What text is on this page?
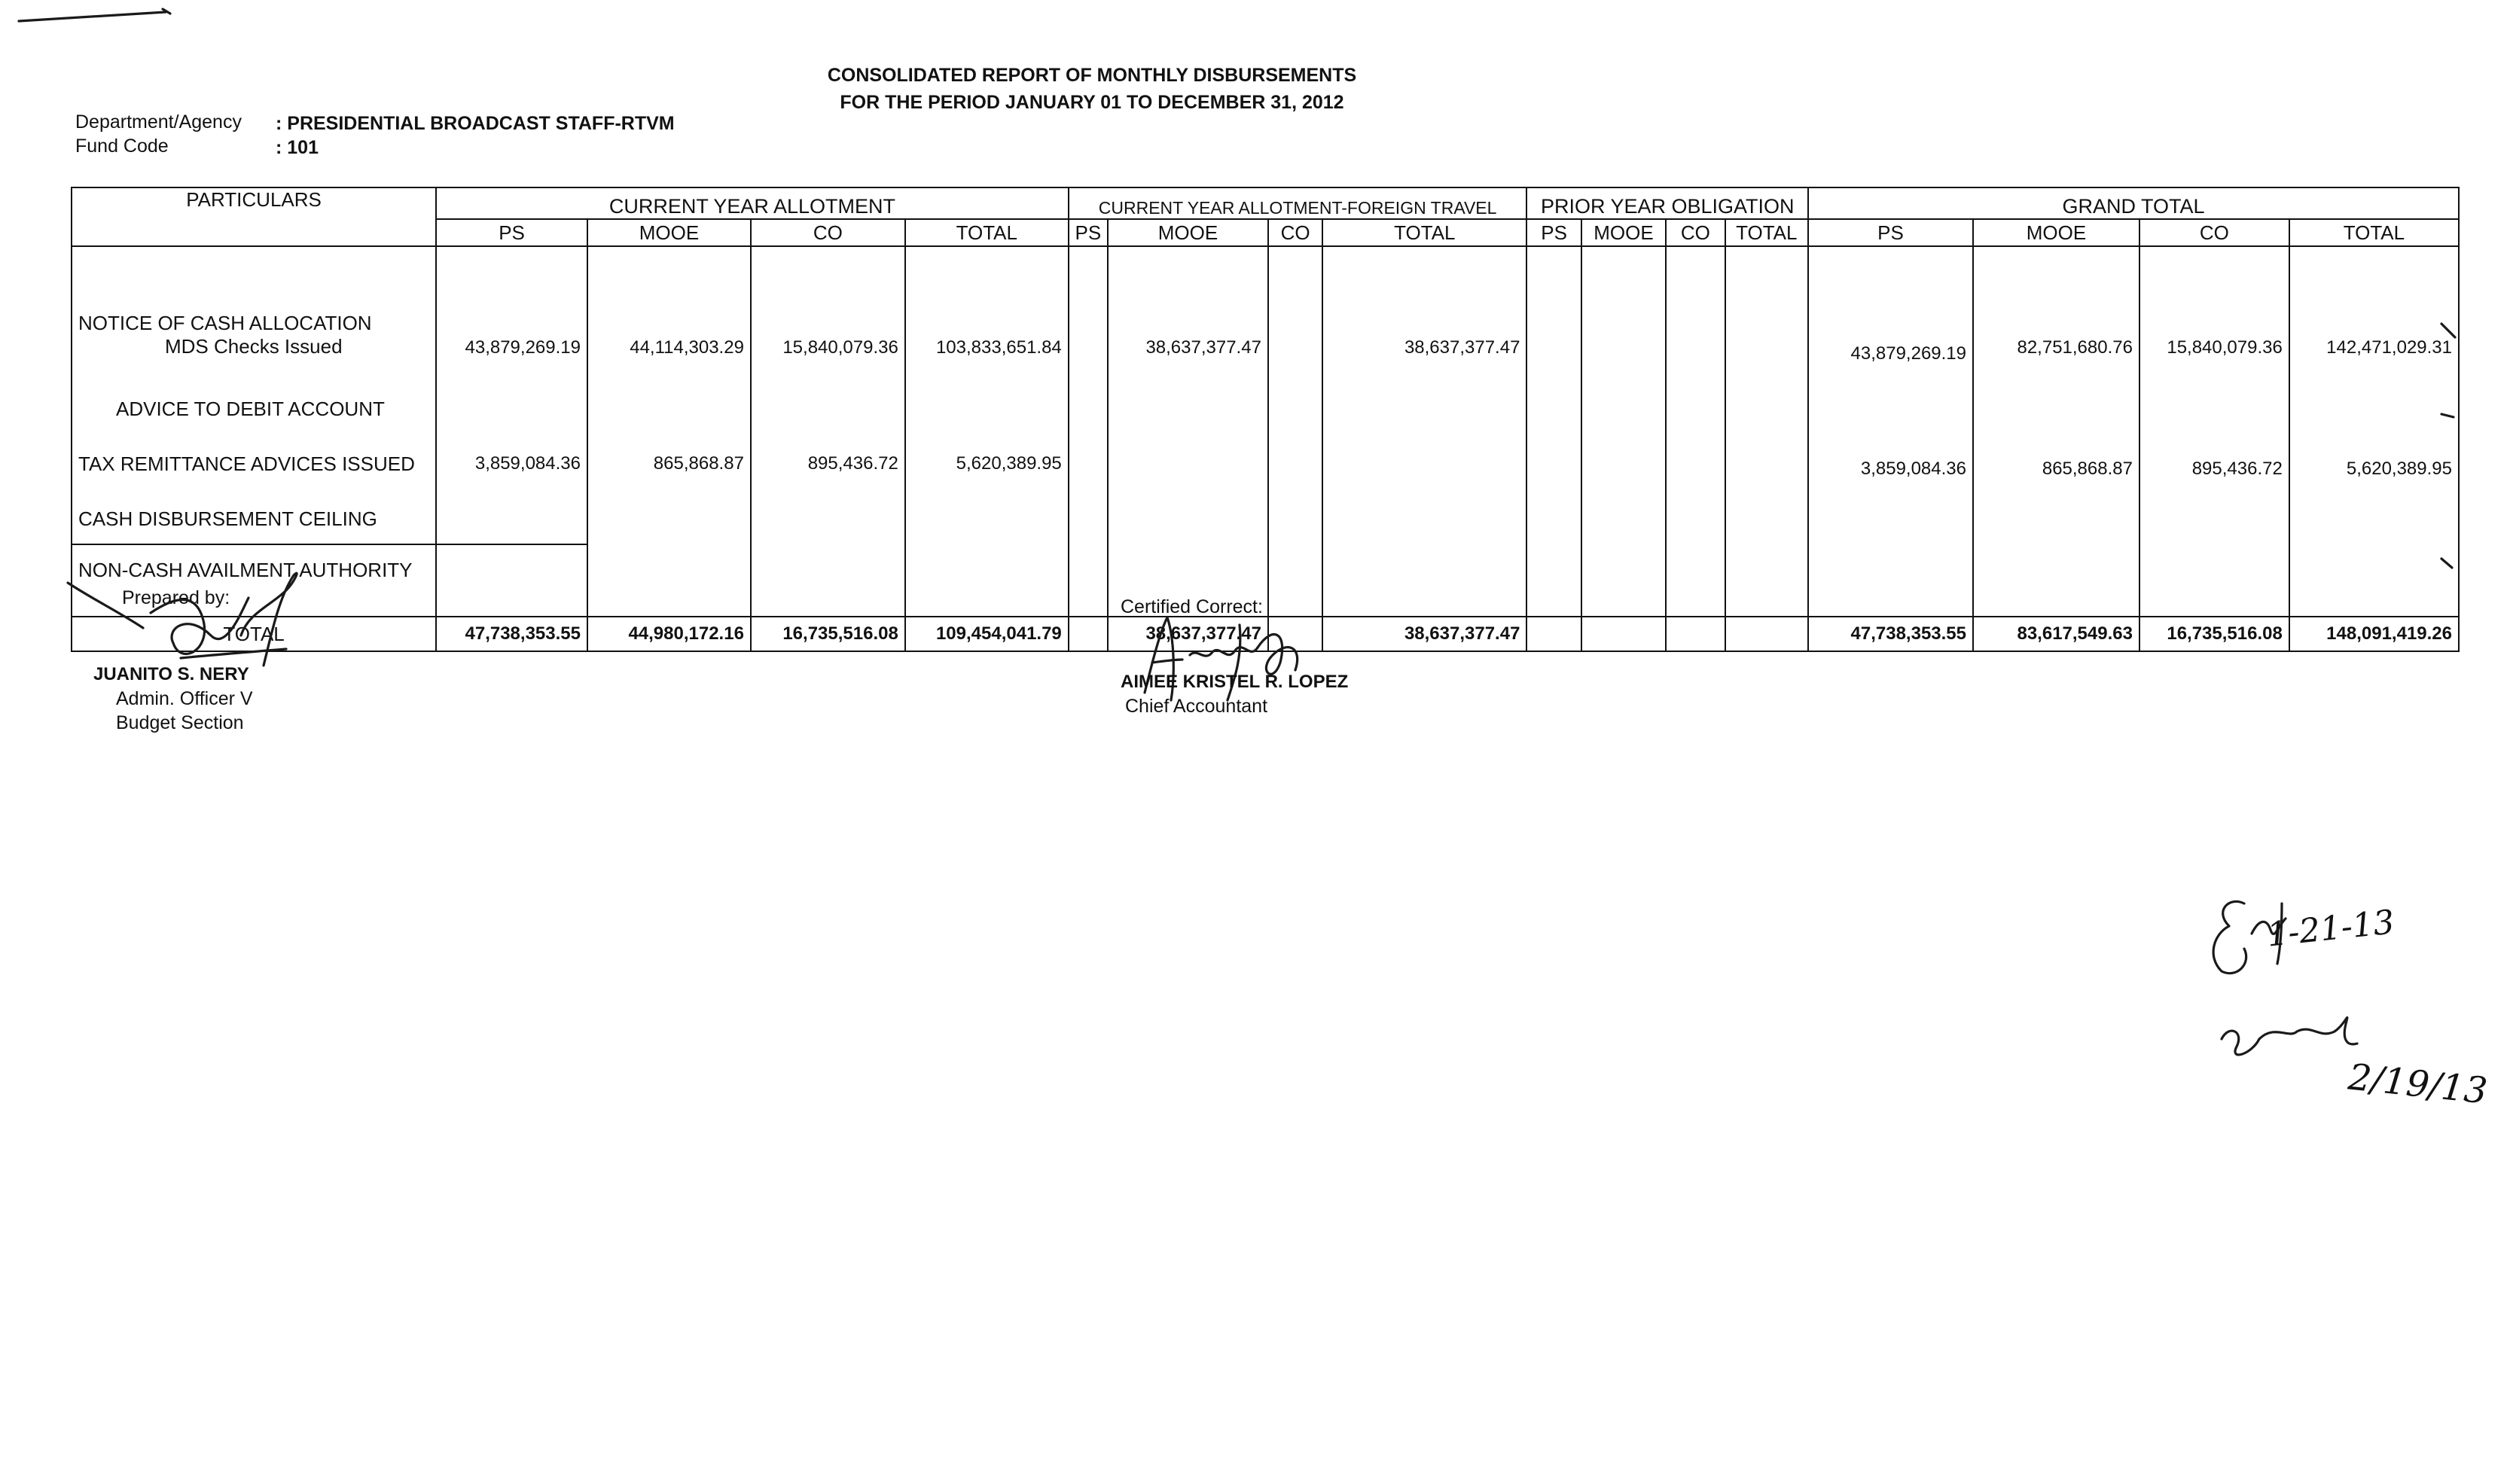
CONSOLIDATED REPORT OF MONTHLY DISBURSEMENTS
FOR THE PERIOD JANUARY 01 TO DECEMBER 31, 2012
Department/Agency : PRESIDENTIAL BROADCAST STAFF-RTVM
Fund Code	: 101
PARTICULARS	CURRENT YEAR ALLOTMENT				CURRENT YEAR ALLOTMENT-FOREIGN TRAVEL				PRIOR YEAR OBLIGATION				GRAND TOTAL			
	PS	MOOE	CO	TOTAL	PS	MOOE	CO	TOTAL	PS	MOOE	CO	TOTAL	PS	MOOE	CO	TOTAL

NOTICE OF CASH ALLOCATION
MDS Checks Issued	43,879,269.19	44,114,303.29	15,840,079.36	103,833,651.84		38,637,377.47		38,637,377.47					43,879,269.19	82,751,680.76	15,840,079.36	142,471,029.31
ADVICE TO DEBIT ACCOUNT																
TAX REMITTANCE ADVICES ISSUED	3,859,084.36	865,868.87	895,436.72	5,620,389.95									3,859,084.36	865,868.87	895,436.72	5,620,389.95
CASH DISBURSEMENT CEILING																
NON-CASH AVAILMENT AUTHORITY																

TOTAL	47,738,353.55	44,980,172.16	16,735,516.08	109,454,041.79		38,637,377.47		38,637,377.47					47,738,353.55	83,617,549.63	16,735,516.08	148,091,419.26
Prepared by:
JUANITO S. NERY
Admin. Officer V
Budget Section
Certified Correct:
AIMEE KRISTEL R. LOPEZ
Chief Accountant
1-21-13
2/19/13
